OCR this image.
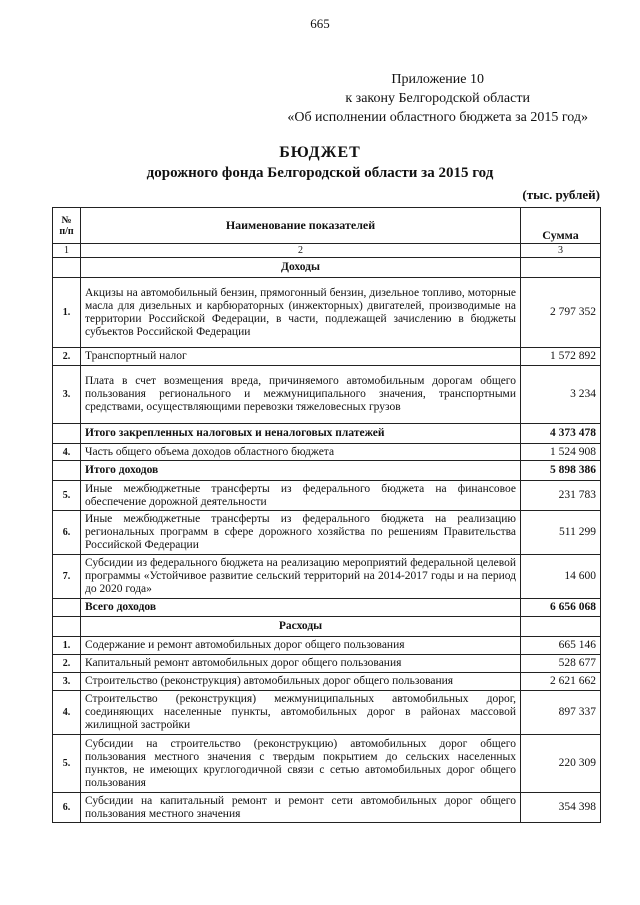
665
Приложение 10
к закону Белгородской области
«Об исполнении областного бюджета за 2015 год»
БЮДЖЕТ
дорожного фонда Белгородской области за 2015 год
(тыс. рублей)
№ п/п	Наименование показателей	Сумма
1	2	3
	Доходы	
1.	Акцизы на автомобильный бензин, прямогонный бензин, дизельное топливо, моторные масла для дизельных и карбюраторных (инжекторных) двигателей, производимые на территории Российской Федерации, в части, подлежащей зачислению в бюджеты субъектов Российской Федерации	2 797 352
2.	Транспортный налог	1 572 892
3.	Плата в счет возмещения вреда, причиняемого автомобильным дорогам общего пользования регионального и межмуниципального значения, транспортными средствами, осуществляющими перевозки тяжеловесных грузов	3 234
	Итого закрепленных налоговых и неналоговых платежей	4 373 478
4.	Часть общего объема доходов областного бюджета	1 524 908
	Итого доходов	5 898 386
5.	Иные межбюджетные трансферты из федерального бюджета на финансовое обеспечение дорожной деятельности	231 783
6.	Иные межбюджетные трансферты из федерального бюджета на реализацию региональных программ в сфере дорожного хозяйства по решениям Правительства Российской Федерации	511 299
7.	Субсидии из федерального бюджета на реализацию мероприятий федеральной целевой программы «Устойчивое развитие сельский территорий на 2014-2017 годы и на период до 2020 года»	14 600
	Всего доходов	6 656 068
	Расходы	
1.	Содержание и ремонт автомобильных дорог общего пользования	665 146
2.	Капитальный ремонт автомобильных дорог общего пользования	528 677
3.	Строительство (реконструкция) автомобильных дорог общего пользования	2 621 662
4.	Строительство (реконструкция) межмуниципальных автомобильных дорог, соединяющих населенные пункты, автомобильных дорог в районах массовой жилищной застройки	897 337
5.	Субсидии на строительство (реконструкцию) автомобильных дорог общего пользования местного значения с твердым покрытием до сельских населенных пунктов, не имеющих круглогодичной связи с сетью автомобильных дорог общего пользования	220 309
6.	Субсидии на капитальный ремонт и ремонт сети автомобильных дорог общего пользования местного значения	354 398
